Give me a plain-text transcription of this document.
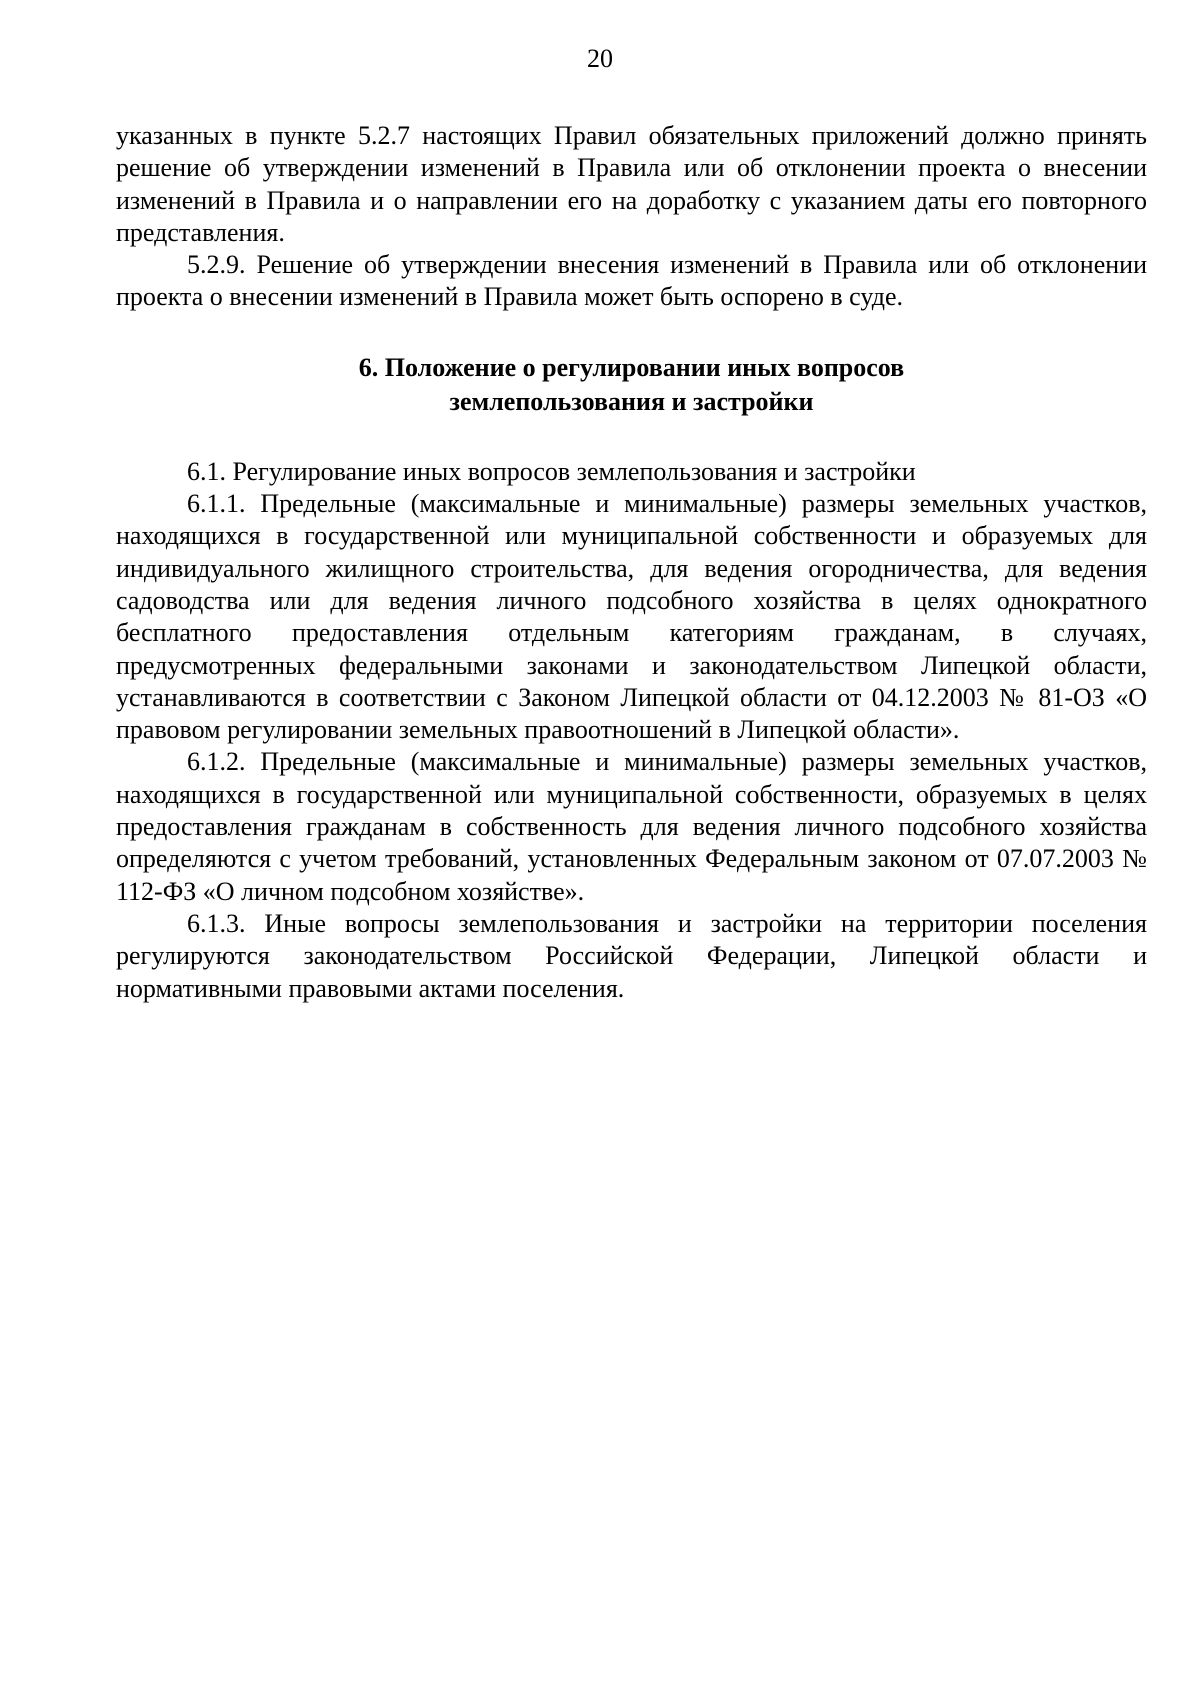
20

указанных в пункте 5.2.7 настоящих Правил обязательных приложений должно принять решение об утверждении изменений в Правила или об отклонении проекта о внесении изменений в Правила и о направлении его на доработку с указанием даты его повторного представления.

5.2.9. Решение об утверждении внесения изменений в Правила или об отклонении проекта о внесении изменений в Правила может быть оспорено в суде.

6. Положение о регулировании иных вопросов
землепользования и застройки

6.1. Регулирование иных вопросов землепользования и застройки

6.1.1. Предельные (максимальные и минимальные) размеры земельных участков, находящихся в государственной или муниципальной собственности и образуемых для индивидуального жилищного строительства, для ведения огородничества, для ведения садоводства или для ведения личного подсобного хозяйства в целях однократного бесплатного предоставления отдельным категориям гражданам, в случаях, предусмотренных федеральными законами и законодательством Липецкой области, устанавливаются в соответствии с Законом Липецкой области от 04.12.2003 № 81-ОЗ «О правовом регулировании земельных правоотношений в Липецкой области».

6.1.2. Предельные (максимальные и минимальные) размеры земельных участков, находящихся в государственной или муниципальной собственности, образуемых в целях предоставления гражданам в собственность для ведения личного подсобного хозяйства определяются с учетом требований, установленных Федеральным законом от 07.07.2003 № 112-ФЗ «О личном подсобном хозяйстве».

6.1.3. Иные вопросы землепользования и застройки на территории поселения регулируются законодательством Российской Федерации, Липецкой области и нормативными правовыми актами поселения.
